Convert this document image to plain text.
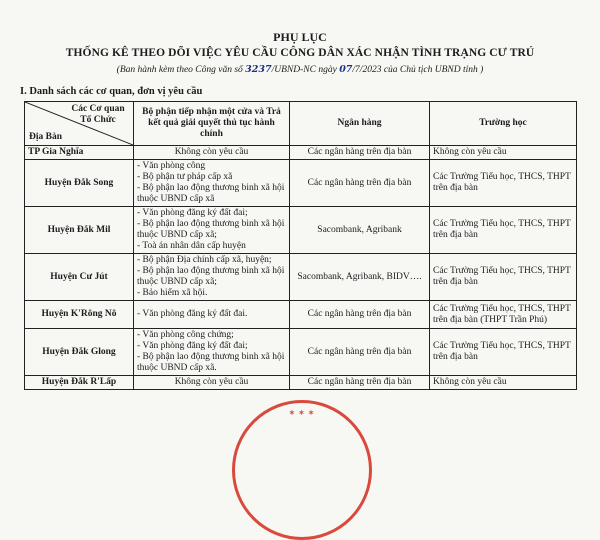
PHỤ LỤC
THỐNG KÊ THEO DÕI VIỆC YÊU CẦU CÔNG DÂN XÁC NHẬN TÌNH TRẠNG CƯ TRÚ
(Ban hành kèm theo Công văn số 3237/UBND-NC ngày 07/7/2023 của Chủ tịch UBND tỉnh )
I. Danh sách các cơ quan, đơn vị yêu cầu
Các Cơ quan Tổ Chức
Địa Bàn	Bộ phận tiếp nhận một cửa và Trả kết quả giải quyết thủ tục hành chính	Ngân hàng	Trường học
TP Gia Nghĩa	Không còn yêu cầu	Các ngân hàng trên địa bàn	Không còn yêu cầu
Huyện Đắk Song	- Văn phòng công
- Bộ phận tư pháp cấp xã
- Bộ phận lao động thương binh xã hội thuộc UBND cấp xã	Các ngân hàng trên địa bàn	Các Trường Tiểu học, THCS, THPT trên địa bàn
Huyện Đắk Mil	- Văn phòng đăng ký đất đai;
- Bộ phận lao động thương binh xã hội thuộc UBND cấp xã;
- Toà án nhân dân cấp huyện	Sacombank, Agribank	Các Trường Tiểu học, THCS, THPT trên địa bàn
Huyện Cư Jút	- Bộ phận Địa chính cấp xã, huyện;
- Bộ phận lao động thương binh xã hội thuộc UBND cấp xã;
- Bảo hiểm xã hội.	Sacombank, Agribank, BIDV….	Các Trường Tiểu học, THCS, THPT trên địa bàn
Huyện K'Rông Nô	- Văn phòng đăng ký đất đai.	Các ngân hàng trên địa bàn	Các Trường Tiểu học, THCS, THPT trên địa bàn (THPT Trần Phú)
Huyện Đắk Glong	- Văn phòng công chứng;
- Văn phòng đăng ký đất đai;
- Bộ phận lao động thương binh xã hội thuộc UBND cấp xã.	Các ngân hàng trên địa bàn	Các Trường Tiểu học, THCS, THPT trên địa bàn
Huyện Đắk R'Lấp	Không còn yêu cầu	Các ngân hàng trên địa bàn	Không còn yêu cầu
✶ ✶ ✶
